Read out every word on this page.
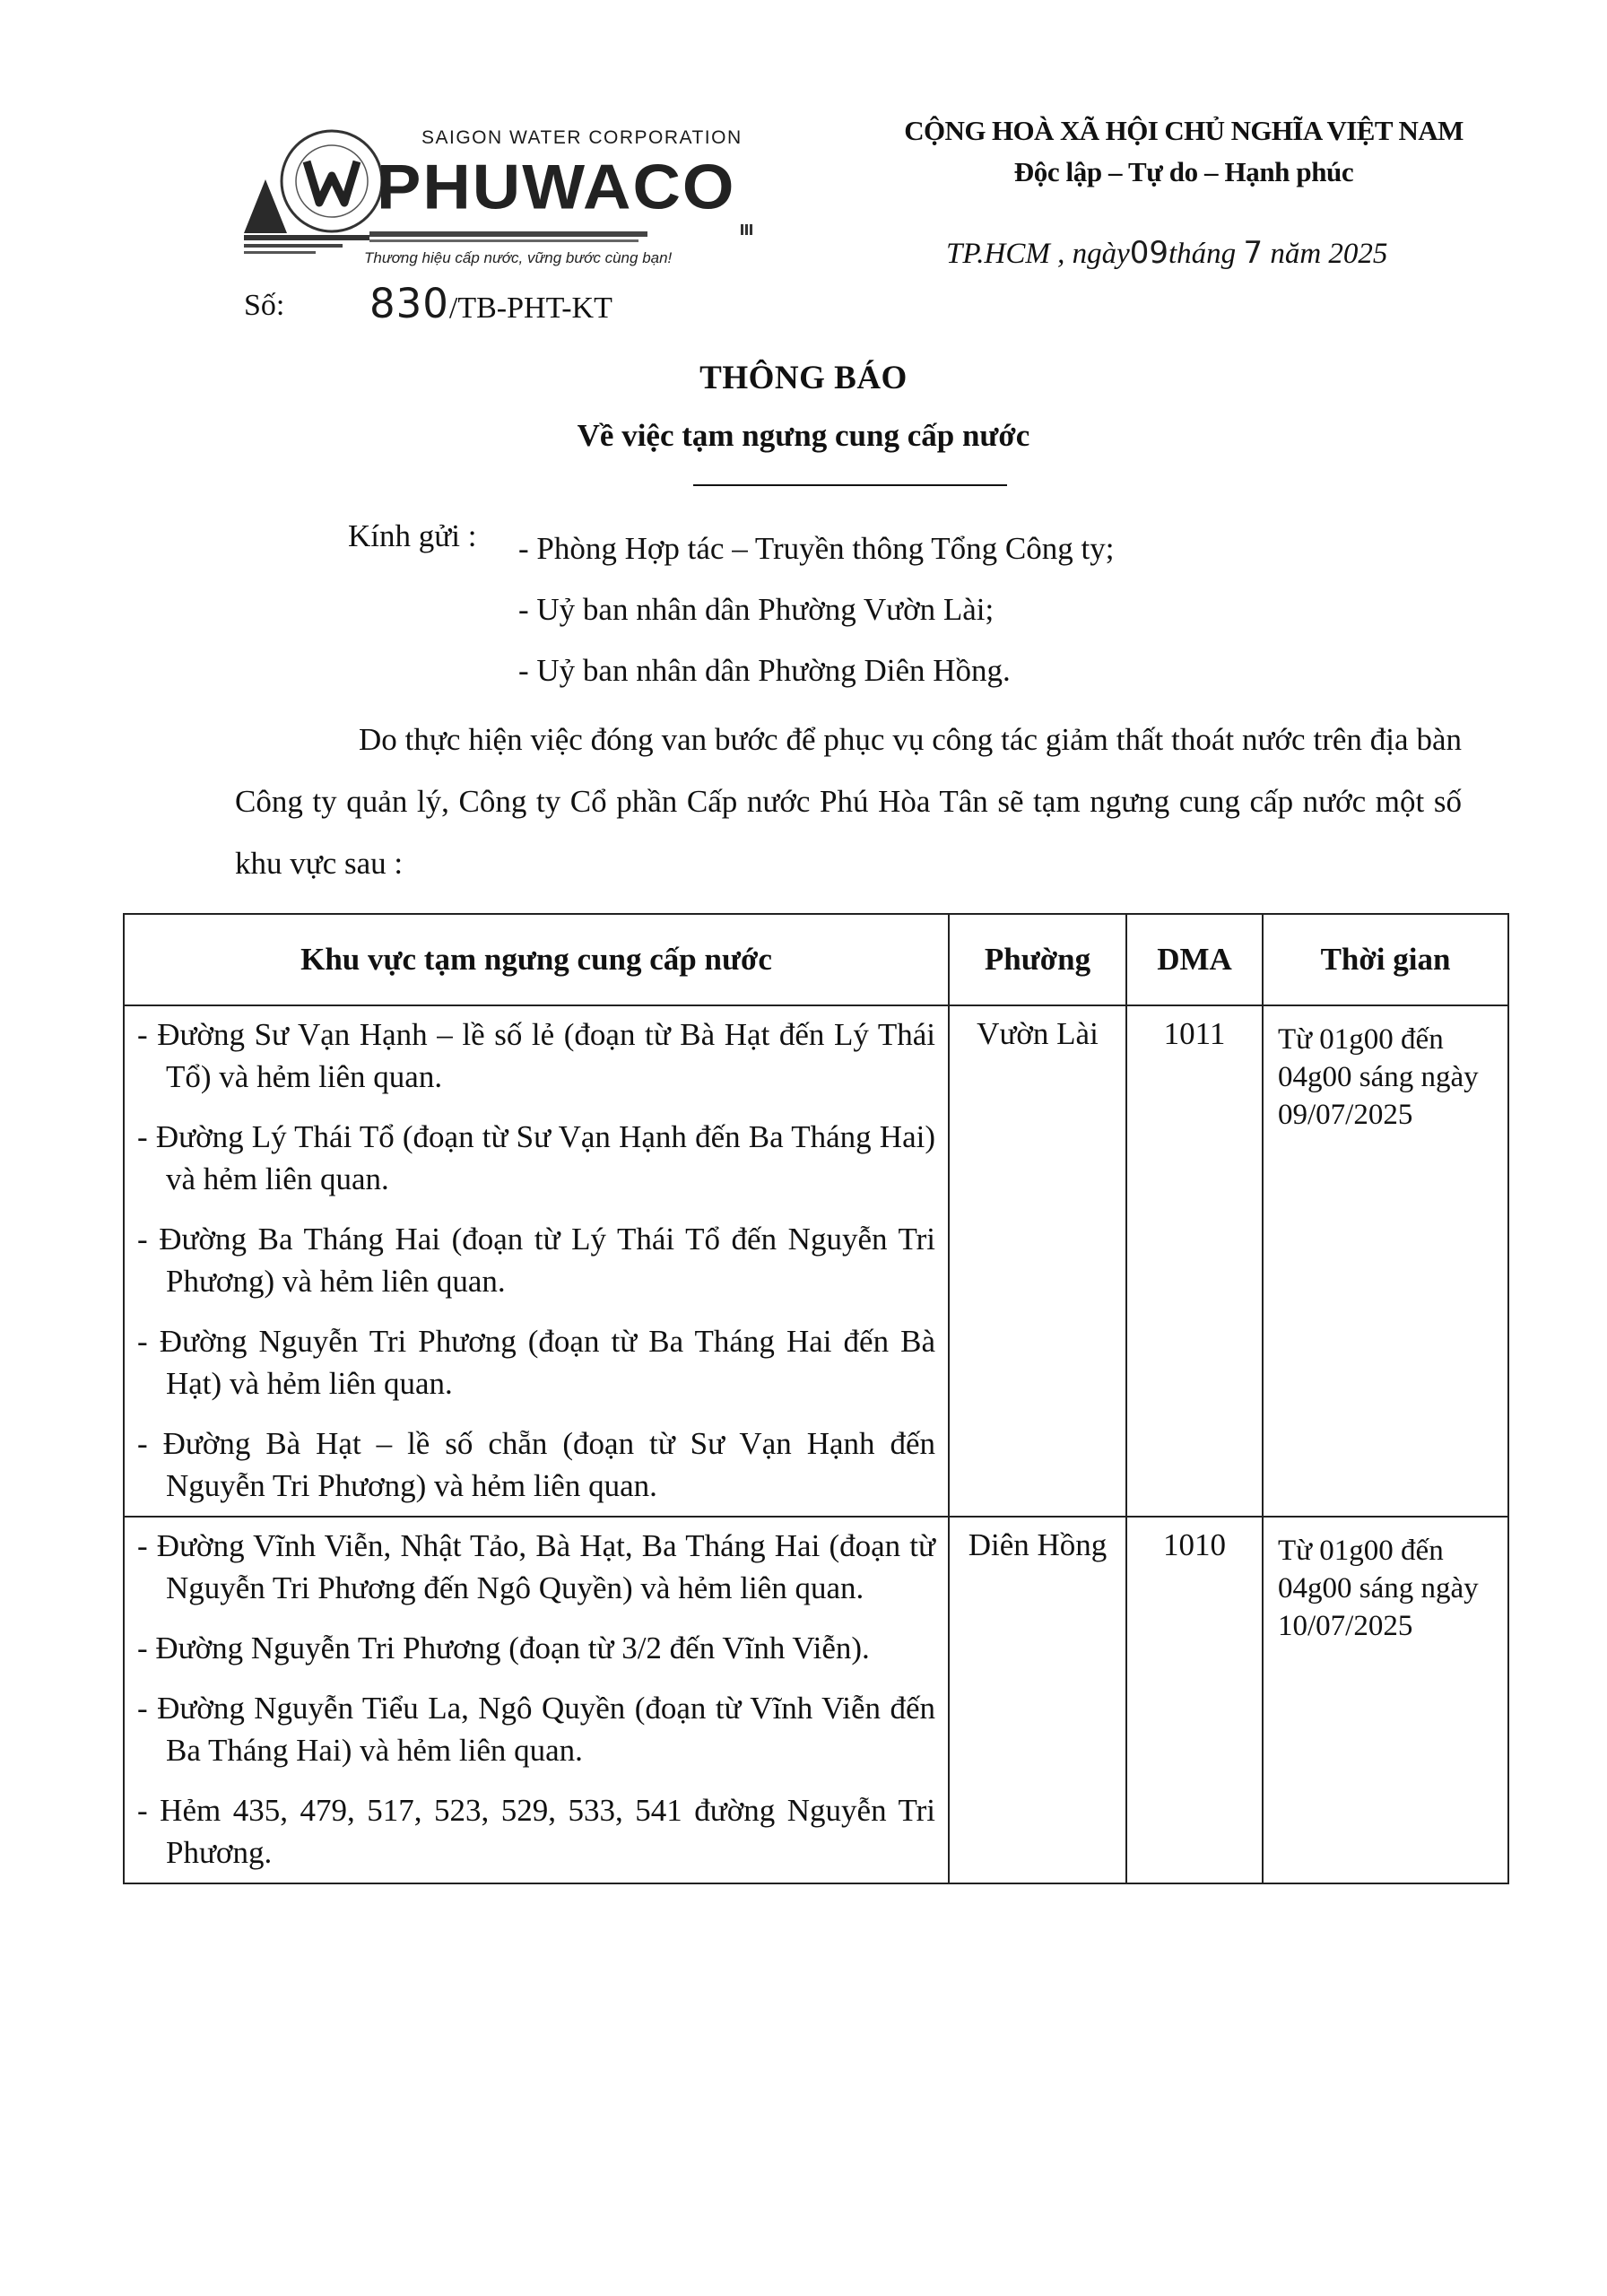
SAIGON WATER CORPORATION
PHUWACO
Thương hiệu cấp nước, vững bước cùng bạn!
CỘNG HOÀ XÃ HỘI CHỦ NGHĨA VIỆT NAM
Độc lập – Tự do – Hạnh phúc
TP.HCM , ngày09tháng 7 năm 2025
Số: 830/TB-PHT-KT
THÔNG BÁO
Về việc tạm ngưng cung cấp nước
Kính gửi : - Phòng Hợp tác – Truyền thông Tổng Công ty;
- Uỷ ban nhân dân Phường Vườn Lài;
- Uỷ ban nhân dân Phường Diên Hồng.
Do thực hiện việc đóng van bước để phục vụ công tác giảm thất thoát nước trên địa bàn Công ty quản lý, Công ty Cổ phần Cấp nước Phú Hòa Tân sẽ tạm ngưng cung cấp nước một số khu vực sau :
Khu vực tạm ngưng cung cấp nước	Phường	DMA	Thời gian

- Đường Sư Vạn Hạnh – lề số lẻ (đoạn từ Bà Hạt đến Lý Thái Tổ) và hẻm liên quan.
- Đường Lý Thái Tổ (đoạn từ Sư Vạn Hạnh đến Ba Tháng Hai) và hẻm liên quan.
- Đường Ba Tháng Hai (đoạn từ Lý Thái Tổ đến Nguyễn Tri Phương) và hẻm liên quan.
- Đường Nguyễn Tri Phương (đoạn từ Ba Tháng Hai đến Bà Hạt) và hẻm liên quan.
- Đường Bà Hạt – lề số chẵn (đoạn từ Sư Vạn Hạnh đến Nguyễn Tri Phương) và hẻm liên quan.	Vườn Lài	1011	Từ 01g00 đến 04g00 sáng ngày 09/07/2025

- Đường Vĩnh Viễn, Nhật Tảo, Bà Hạt, Ba Tháng Hai (đoạn từ Nguyễn Tri Phương đến Ngô Quyền) và hẻm liên quan.
- Đường Nguyễn Tri Phương (đoạn từ 3/2 đến Vĩnh Viễn).
- Đường Nguyễn Tiểu La, Ngô Quyền (đoạn từ Vĩnh Viễn đến Ba Tháng Hai) và hẻm liên quan.
- Hẻm 435, 479, 517, 523, 529, 533, 541 đường Nguyễn Tri Phương.	Diên Hồng	1010	Từ 01g00 đến 04g00 sáng ngày 10/07/2025
